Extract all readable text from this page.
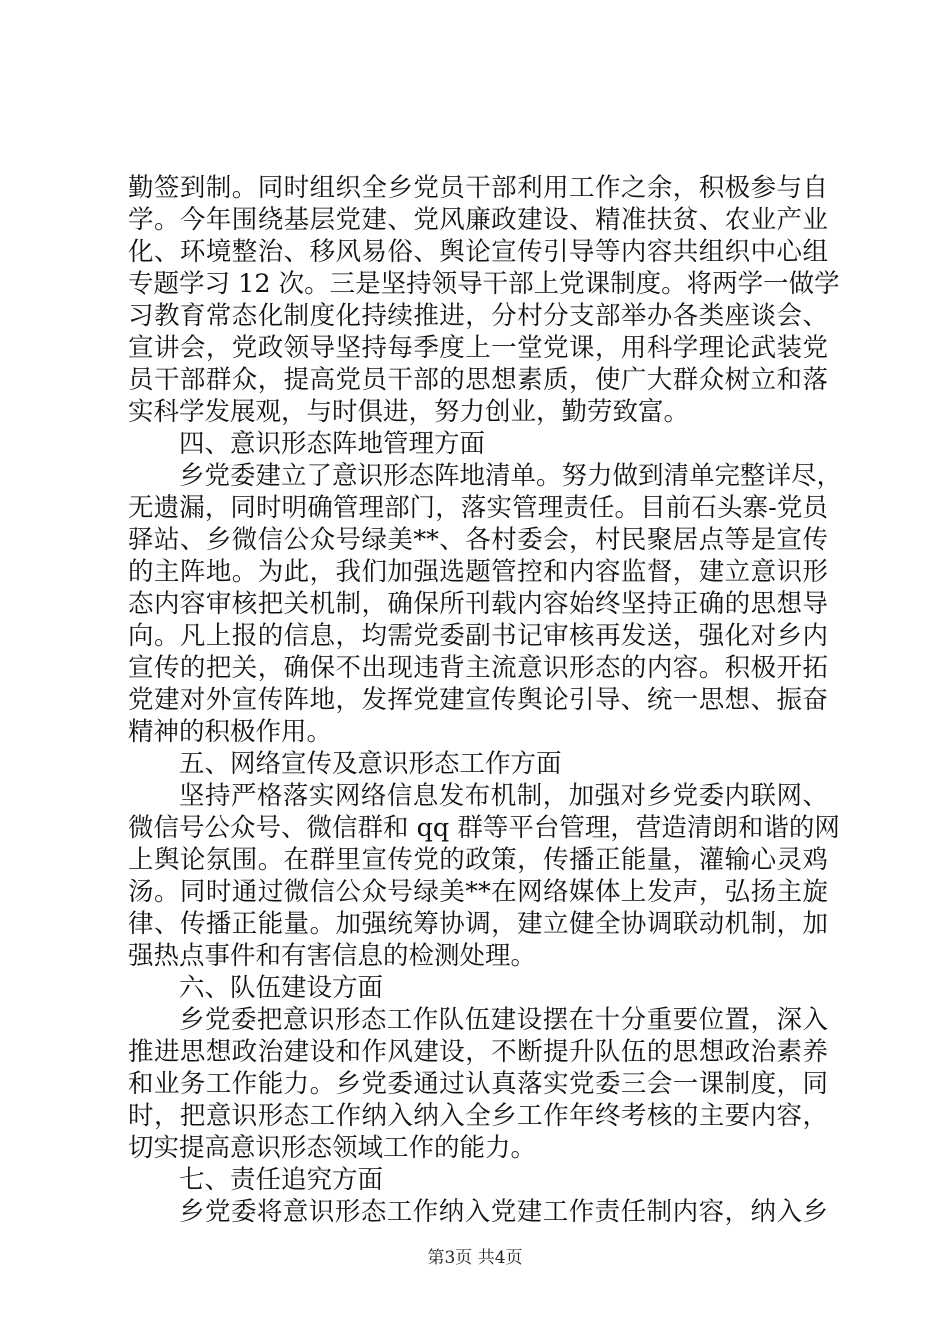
勤签到制。同时组织全乡党员干部利用工作之余，积极参与自
学。今年围绕基层党建、党风廉政建设、精准扶贫、农业产业
化、环境整治、移风易俗、舆论宣传引导等内容共组织中心组
专题学习 12 次。三是坚持领导干部上党课制度。将两学一做学
习教育常态化制度化持续推进，分村分支部举办各类座谈会、
宣讲会，党政领导坚持每季度上一堂党课，用科学理论武装党
员干部群众，提高党员干部的思想素质，使广大群众树立和落
实科学发展观，与时俱进，努力创业，勤劳致富。
四、意识形态阵地管理方面
乡党委建立了意识形态阵地清单。努力做到清单完整详尽，
无遗漏，同时明确管理部门，落实管理责任。目前石头寨-党员
驿站、乡微信公众号绿美**、各村委会，村民聚居点等是宣传
的主阵地。为此，我们加强选题管控和内容监督，建立意识形
态内容审核把关机制，确保所刊载内容始终坚持正确的思想导
向。凡上报的信息，均需党委副书记审核再发送，强化对乡内
宣传的把关，确保不出现违背主流意识形态的内容。积极开拓
党建对外宣传阵地，发挥党建宣传舆论引导、统一思想、振奋
精神的积极作用。
五、网络宣传及意识形态工作方面
坚持严格落实网络信息发布机制，加强对乡党委内联网、
微信号公众号、微信群和 qq 群等平台管理，营造清朗和谐的网
上舆论氛围。在群里宣传党的政策，传播正能量，灌输心灵鸡
汤。同时通过微信公众号绿美**在网络媒体上发声，弘扬主旋
律、传播正能量。加强统筹协调，建立健全协调联动机制，加
强热点事件和有害信息的检测处理。
六、队伍建设方面
乡党委把意识形态工作队伍建设摆在十分重要位置，深入
推进思想政治建设和作风建设，不断提升队伍的思想政治素养
和业务工作能力。乡党委通过认真落实党委三会一课制度，同
时，把意识形态工作纳入纳入全乡工作年终考核的主要内容，
切实提高意识形态领域工作的能力。
七、责任追究方面
乡党委将意识形态工作纳入党建工作责任制内容，纳入乡
第3页 共4页
